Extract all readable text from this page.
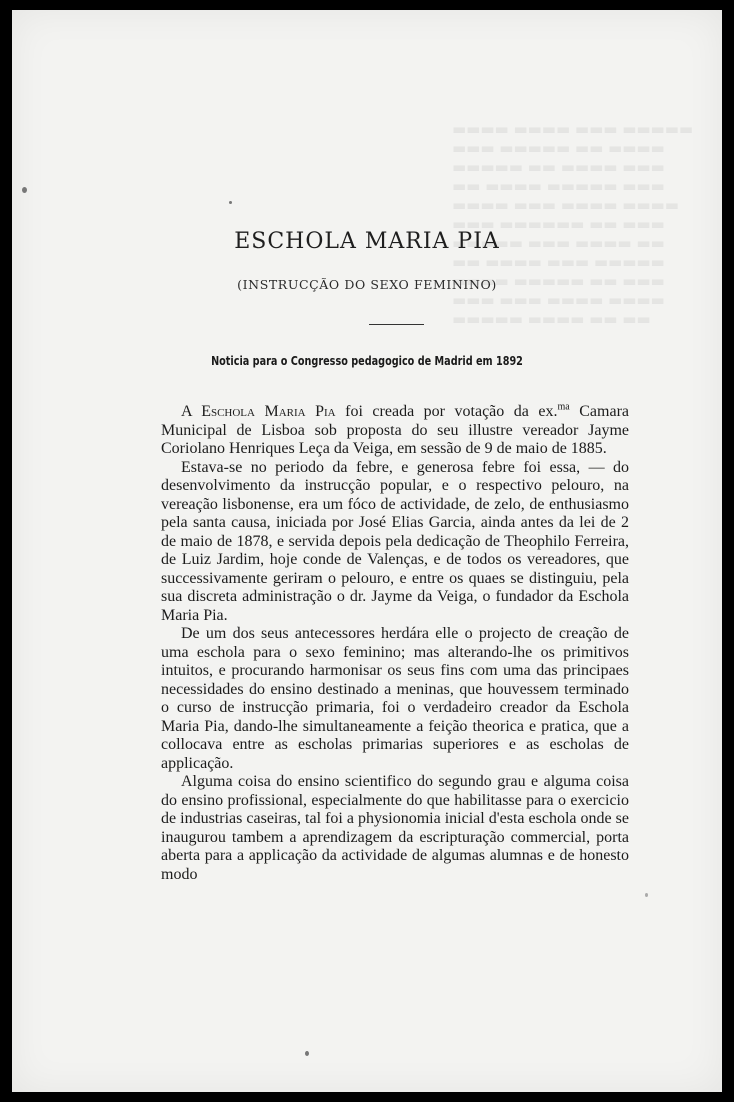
▬▬▬▬ ▬▬▬▬ ▬▬▬ ▬▬▬▬▬
▬▬▬ ▬▬▬▬▬ ▬▬ ▬▬▬▬
▬▬▬▬▬ ▬▬ ▬▬▬▬ ▬▬▬
▬▬ ▬▬▬▬ ▬▬▬▬▬ ▬▬▬
▬▬▬▬ ▬▬▬ ▬▬▬▬ ▬▬▬▬
▬▬▬ ▬▬▬▬▬▬ ▬▬ ▬▬▬
▬▬▬▬▬ ▬▬▬ ▬▬▬▬ ▬▬
▬▬ ▬▬▬▬ ▬▬▬ ▬▬▬▬▬
▬▬▬▬ ▬▬▬▬▬ ▬▬ ▬▬▬
▬▬▬ ▬▬▬ ▬▬▬▬ ▬▬▬▬
▬▬▬▬▬ ▬▬▬▬ ▬▬ ▬▬
ESCHOLA MARIA PIA
(INSTRUCÇÃO DO SEXO FEMININO)
Noticia para o Congresso pedagogico de Madrid em 1892

A Eschola Maria Pia foi creada por votação da ex.$^{ma}$ Camara Municipal de Lisboa sob proposta do seu illustre vereador Jayme Coriolano Henriques Leça da Veiga, em sessão de 9 de maio de 1885.

Estava-se no periodo da febre, e generosa febre foi essa, — do desenvolvimento da instrucção popular, e o respectivo pelouro, na vereação lisbonense, era um fóco de actividade, de zelo, de enthusiasmo pela santa causa, iniciada por José Elias Garcia, ainda antes da lei de 2 de maio de 1878, e servida depois pela dedicação de Theophilo Ferreira, de Luiz Jardim, hoje conde de Valenças, e de todos os vereadores, que successivamente geriram o pelouro, e entre os quaes se distinguiu, pela sua discreta administração o dr. Jayme da Veiga, o fundador da Eschola Maria Pia.

De um dos seus antecessores herdára elle o projecto de creação de uma eschola para o sexo feminino; mas alterando-lhe os primitivos intuitos, e procurando harmonisar os seus fins com uma das principaes necessidades do ensino destinado a meninas, que houvessem terminado o curso de instrucção primaria, foi o verdadeiro creador da Eschola Maria Pia, dando-lhe simultaneamente a feição theorica e pratica, que a collocava entre as escholas primarias superiores e as escholas de applicação.

Alguma coisa do ensino scientifico do segundo grau e alguma coisa do ensino profissional, especialmente do que habilitasse para o exercicio de industrias caseiras, tal foi a physionomia inicial d'esta eschola onde se inaugurou tambem a aprendizagem da escripturação commercial, porta aberta para a applicação da actividade de algumas alumnas e de honesto modo
